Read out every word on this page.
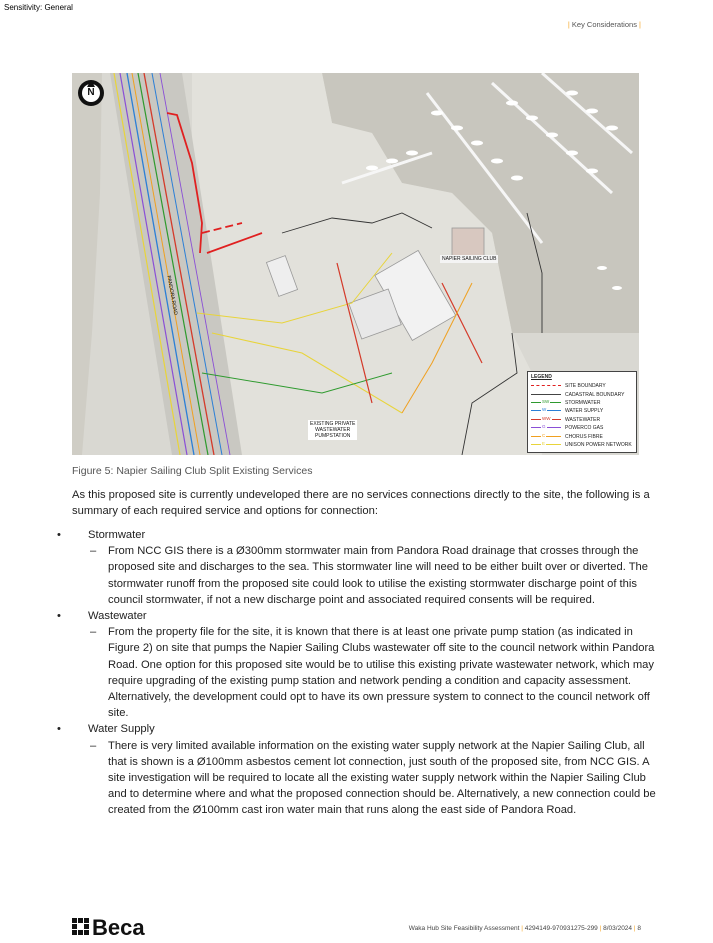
Sensitivity: General
| Key Considerations |
N
PANDORA ROAD
NAPIER SAILING CLUB
EXISTING PRIVATE
WASTEWATER
PUMPSTATION
LEGEND
SITE BOUNDARY
CADASTRAL BOUNDARY
SW	STORMWATER
W	WATER SUPPLY
WW	WASTEWATER
G	POWERCO GAS
C	CHORUS FIBRE
E	UNISON POWER NETWORK
Figure 5: Napier Sailing Club Split Existing Services
As this proposed site is currently undeveloped there are no services connections directly to the site, the following is a summary of each required service and options for connection:
• Stormwater
– From NCC GIS there is a Ø300mm stormwater main from Pandora Road drainage that crosses through the proposed site and discharges to the sea. This stormwater line will need to be either built over or diverted. The stormwater runoff from the proposed site could look to utilise the existing stormwater discharge point of this council stormwater, if not a new discharge point and associated required consents will be required.
• Wastewater
– From the property file for the site, it is known that there is at least one private pump station (as indicated in Figure 2) on site that pumps the Napier Sailing Clubs wastewater off site to the council network within Pandora Road. One option for this proposed site would be to utilise this existing private wastewater network, which may require upgrading of the existing pump station and network pending a condition and capacity assessment. Alternatively, the development could opt to have its own pressure system to connect to the council network off site.
• Water Supply
– There is very limited available information on the existing water supply network at the Napier Sailing Club, all that is shown is a Ø100mm asbestos cement lot connection, just south of the proposed site, from NCC GIS. A site investigation will be required to locate all the existing water supply network within the Napier Sailing Club and to determine where and what the proposed connection should be. Alternatively, a new connection could be created from the Ø100mm cast iron water main that runs along the east side of Pandora Road.
Beca	Waka Hub Site Feasibility Assessment | 4294149-970931275-299 | 8/03/2024 | 8
